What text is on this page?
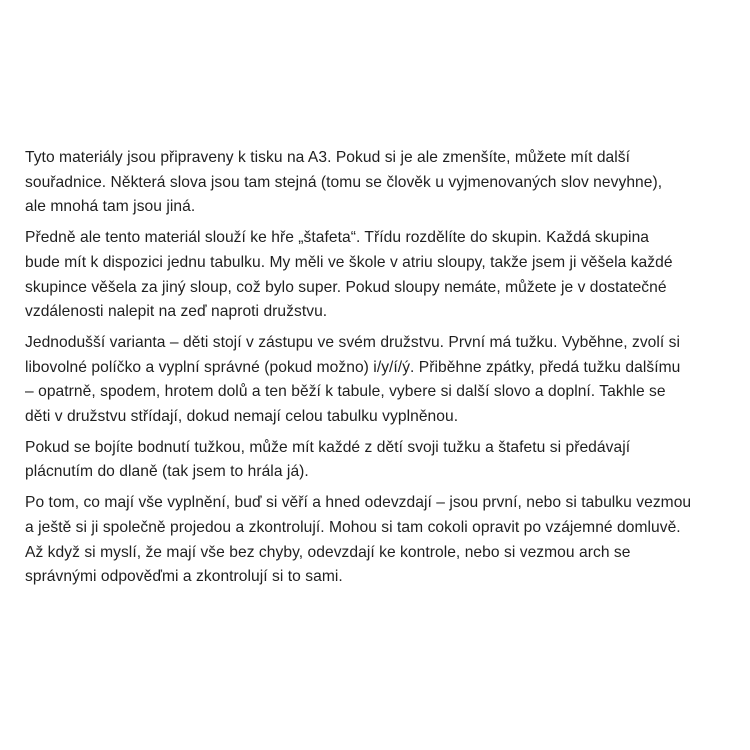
Tyto materiály jsou připraveny k tisku na A3. Pokud si je ale zmenšíte, můžete mít další
souřadnice. Některá slova jsou tam stejná (tomu se člověk u vyjmenovaných slov nevyhne),
ale mnohá tam jsou jiná.

Předně ale tento materiál slouží ke hře „štafeta“. Třídu rozdělíte do skupin. Každá skupina
bude mít k dispozici jednu tabulku. My měli ve škole v atriu sloupy, takže jsem ji věšela každé
skupince věšela za jiný sloup, což bylo super. Pokud sloupy nemáte, můžete je v dostatečné
vzdálenosti nalepit na zeď naproti družstvu.

Jednodušší varianta – děti stojí v zástupu ve svém družstvu. První má tužku. Vyběhne, zvolí si
libovolné políčko a vyplní správné (pokud možno) i/y/í/ý. Přiběhne zpátky, předá tužku dalšímu
– opatrně, spodem, hrotem dolů a ten běží k tabule, vybere si další slovo a doplní. Takhle se
děti v družstvu střídají, dokud nemají celou tabulku vyplněnou.

Pokud se bojíte bodnutí tužkou, může mít každé z dětí svoji tužku a štafetu si předávají
plácnutím do dlaně (tak jsem to hrála já).

Po tom, co mají vše vyplnění, buď si věří a hned odevzdají – jsou první, nebo si tabulku vezmou
a ještě si ji společně projedou a zkontrolují. Mohou si tam cokoli opravit po vzájemné domluvě.
Až když si myslí, že mají vše bez chyby, odevzdají ke kontrole, nebo si vezmou arch se
správnými odpověďmi a zkontrolují si to sami.
